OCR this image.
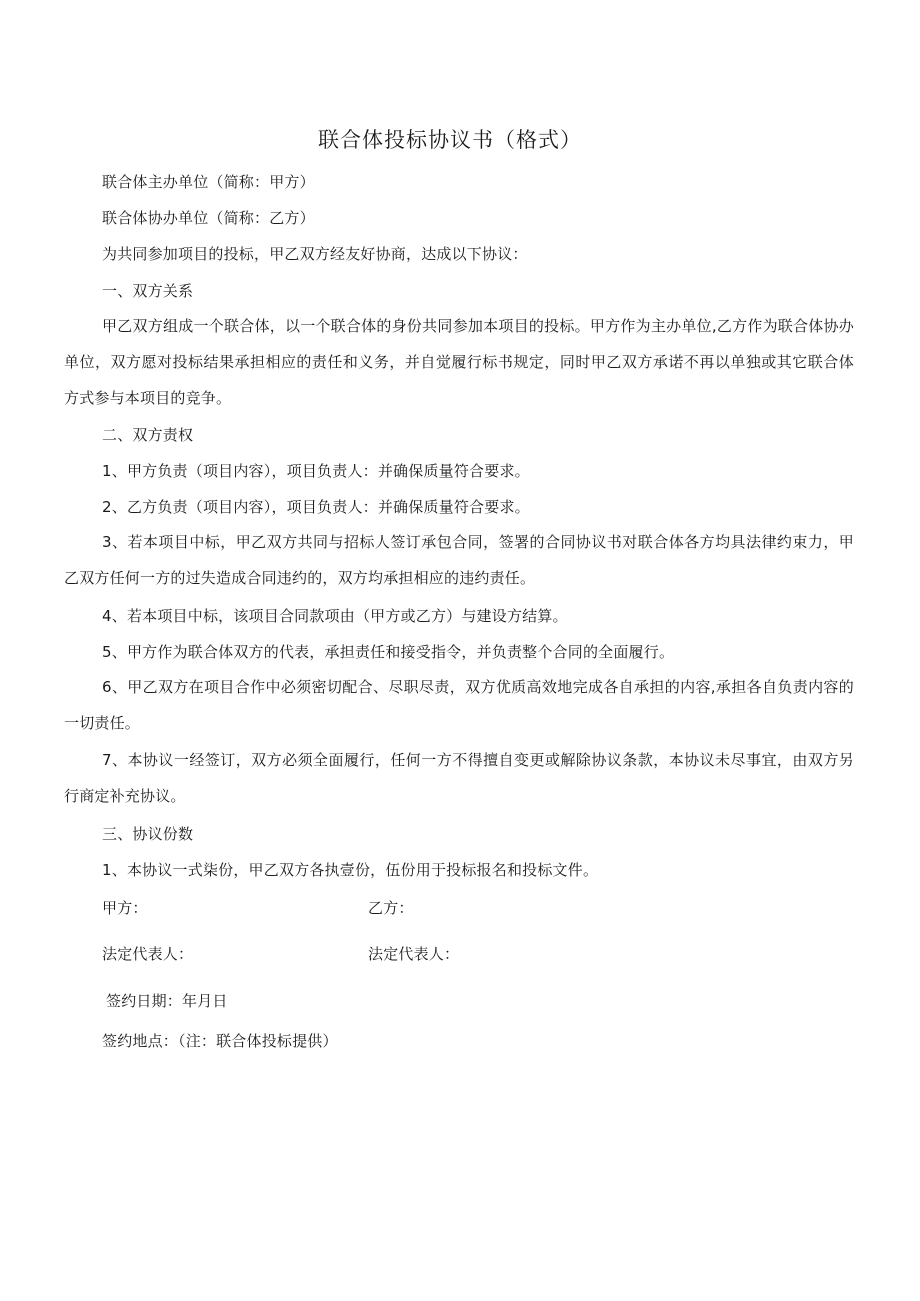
联合体投标协议书（格式）
联合体主办单位（简称：甲方）
联合体协办单位（简称：乙方）
为共同参加项目的投标，甲乙双方经友好协商，达成以下协议：
一、双方关系
甲乙双方组成一个联合体，以一个联合体的身份共同参加本项目的投标。甲方作为主办单位,乙方作为联合体协办单位，双方愿对投标结果承担相应的责任和义务，并自觉履行标书规定，同时甲乙双方承诺不再以单独或其它联合体方式参与本项目的竞争。
二、双方责权
1、甲方负责（项目内容），项目负责人：并确保质量符合要求。
2、乙方负责（项目内容），项目负责人：并确保质量符合要求。
3、若本项目中标，甲乙双方共同与招标人签订承包合同，签署的合同协议书对联合体各方均具法律约束力，甲乙双方任何一方的过失造成合同违约的，双方均承担相应的违约责任。
4、若本项目中标，该项目合同款项由（甲方或乙方）与建设方结算。
5、甲方作为联合体双方的代表，承担责任和接受指令，并负责整个合同的全面履行。
6、甲乙双方在项目合作中必须密切配合、尽职尽责，双方优质高效地完成各自承担的内容,承担各自负责内容的一切责任。
7、本协议一经签订，双方必须全面履行，任何一方不得擅自变更或解除协议条款，本协议未尽事宜，由双方另行商定补充协议。
三、协议份数
1、本协议一式柒份，甲乙双方各执壹份，伍份用于投标报名和投标文件。
甲方：	乙方：
法定代表人：	法定代表人：
签约日期：年月日
签约地点：（注：联合体投标提供）
